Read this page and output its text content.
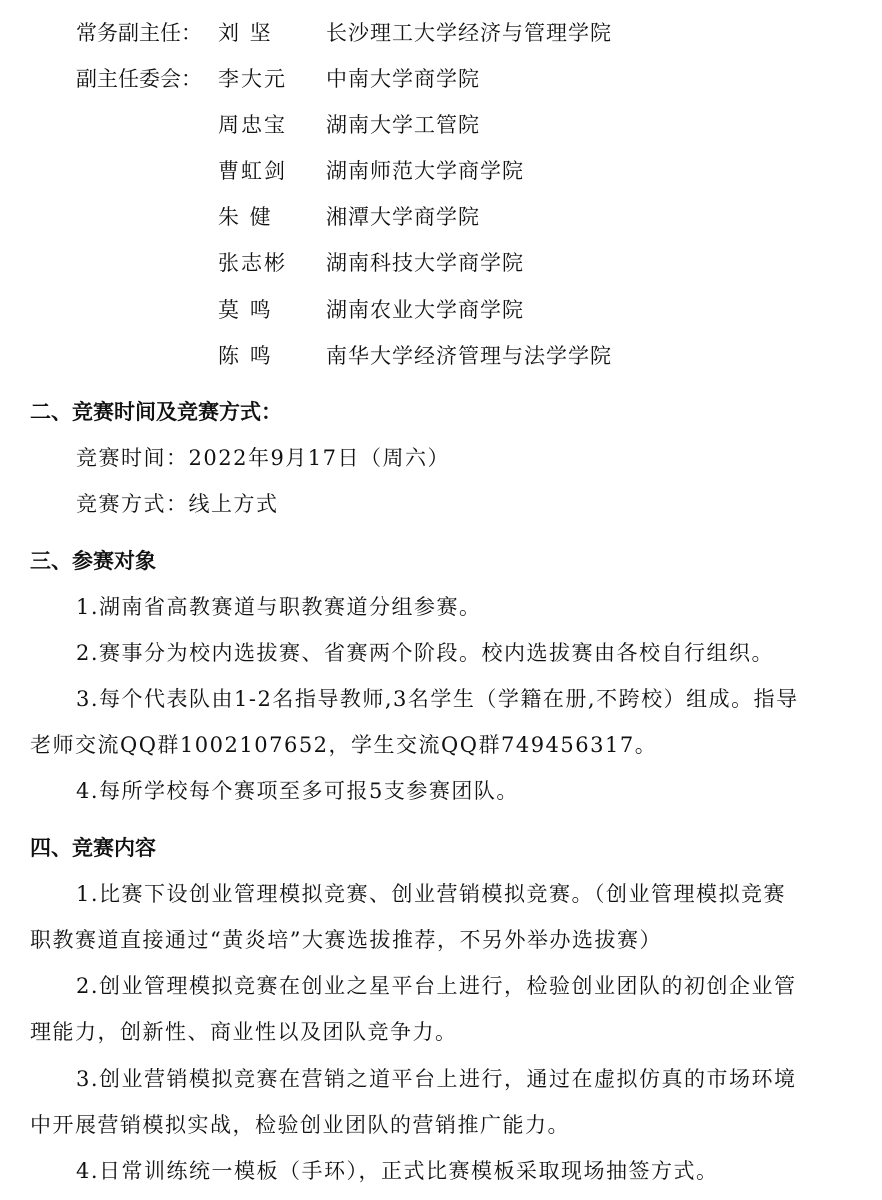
常务副主任： 刘 坚	长沙理工大学经济与管理学院
副主任委会： 李大元 中南大学商学院
周忠宝 湖南大学工管院
曹虹剑 湖南师范大学商学院
朱 健	湘潭大学商学院
张志彬 湖南科技大学商学院
莫 鸣	湖南农业大学商学院
陈 鸣	南华大学经济管理与法学学院
二、竞赛时间及竞赛方式：
竞赛时间：2022年9月17日（周六）
竞赛方式：线上方式
三、参赛对象
1.湖南省高教赛道与职教赛道分组参赛。
2.赛事分为校内选拔赛、省赛两个阶段。校内选拔赛由各校自行组织。
3.每个代表队由1-2名指导教师,3名学生（学籍在册,不跨校）组成。指导
老师交流QQ群1002107652，学生交流QQ群749456317。
4.每所学校每个赛项至多可报5支参赛团队。
四、竞赛内容
1.比赛下设创业管理模拟竞赛、创业营销模拟竞赛。（创业管理模拟竞赛
职教赛道直接通过“黄炎培”大赛选拔推荐，不另外举办选拔赛）
2.创业管理模拟竞赛在创业之星平台上进行，检验创业团队的初创企业管
理能力，创新性、商业性以及团队竞争力。
3.创业营销模拟竞赛在营销之道平台上进行，通过在虚拟仿真的市场环境
中开展营销模拟实战，检验创业团队的营销推广能力。
4.日常训练统一模板（手环），正式比赛模板采取现场抽签方式。
